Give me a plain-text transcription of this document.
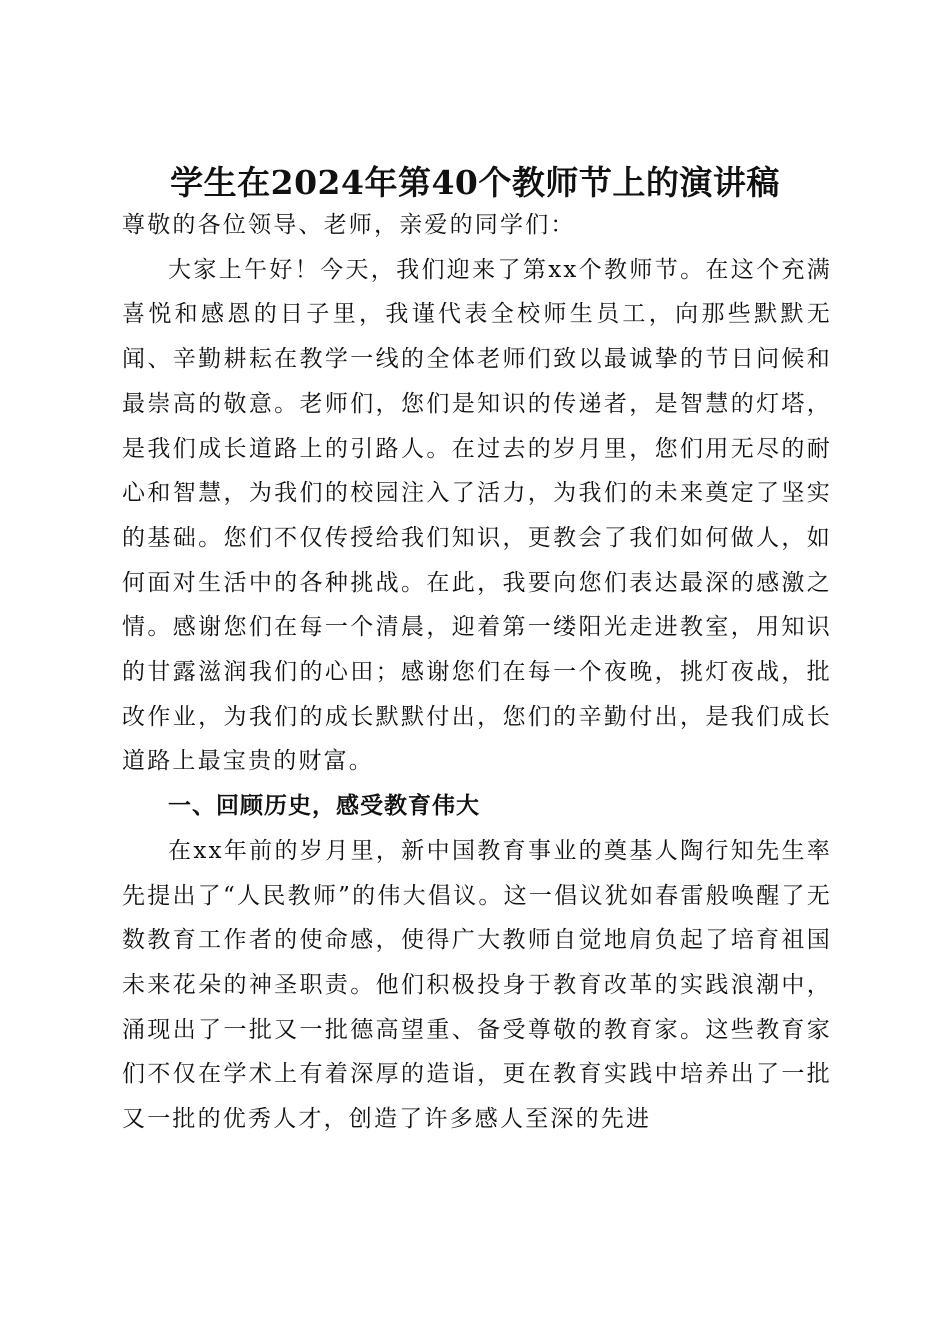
学生在2024年第40个教师节上的演讲稿

尊敬的各位领导、老师，亲爱的同学们：

大家上午好！今天，我们迎来了第xx个教师节。在这个充满喜悦和感恩的日子里，我谨代表全校师生员工，向那些默默无闻、辛勤耕耘在教学一线的全体老师们致以最诚挚的节日问候和最崇高的敬意。老师们，您们是知识的传递者，是智慧的灯塔，是我们成长道路上的引路人。在过去的岁月里，您们用无尽的耐心和智慧，为我们的校园注入了活力，为我们的未来奠定了坚实的基础。您们不仅传授给我们知识，更教会了我们如何做人，如何面对生活中的各种挑战。在此，我要向您们表达最深的感激之情。感谢您们在每一个清晨，迎着第一缕阳光走进教室，用知识的甘露滋润我们的心田；感谢您们在每一个夜晚，挑灯夜战，批改作业，为我们的成长默默付出，您们的辛勤付出，是我们成长道路上最宝贵的财富。

一、回顾历史，感受教育伟大

在xx年前的岁月里，新中国教育事业的奠基人陶行知先生率先提出了“人民教师”的伟大倡议。这一倡议犹如春雷般唤醒了无数教育工作者的使命感，使得广大教师自觉地肩负起了培育祖国未来花朵的神圣职责。他们积极投身于教育改革的实践浪潮中，涌现出了一批又一批德高望重、备受尊敬的教育家。这些教育家们不仅在学术上有着深厚的造诣，更在教育实践中培养出了一批又一批的优秀人才，创造了许多感人至深的先进
